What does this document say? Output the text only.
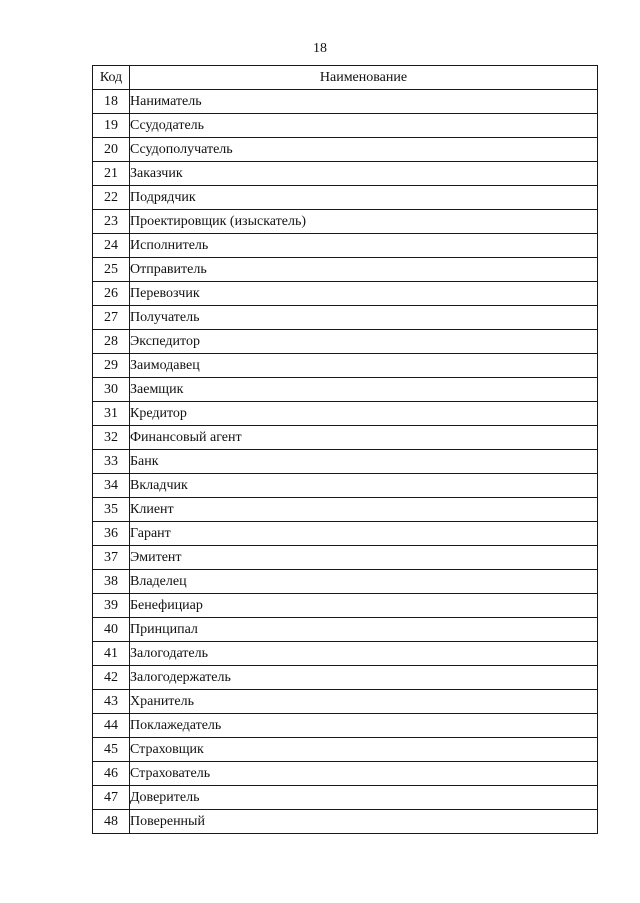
18
Код	Наименование
18	Наниматель
19	Ссудодатель
20	Ссудополучатель
21	Заказчик
22	Подрядчик
23	Проектировщик (изыскатель)
24	Исполнитель
25	Отправитель
26	Перевозчик
27	Получатель
28	Экспедитор
29	Заимодавец
30	Заемщик
31	Кредитор
32	Финансовый агент
33	Банк
34	Вкладчик
35	Клиент
36	Гарант
37	Эмитент
38	Владелец
39	Бенефициар
40	Принципал
41	Залогодатель
42	Залогодержатель
43	Хранитель
44	Поклажедатель
45	Страховщик
46	Страхователь
47	Доверитель
48	Поверенный
